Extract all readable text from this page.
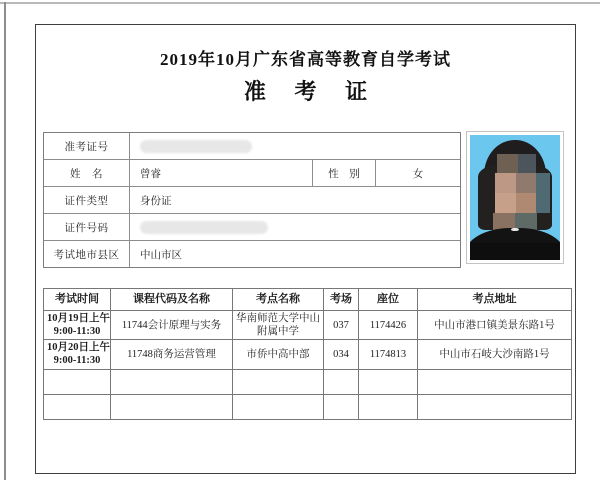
2019年10月广东省高等教育自学考试
准考证
准考证号
姓　名	曾睿	性　别	女
证件类型	身份证
证件号码
考试地市县区	中山市区
考试时间	课程代码及名称	考点名称	考场	座位	考点地址

10月19日上午
9:00-11:30	11744会计原理与实务	华南师范大学中山附属中学	037	1174426	中山市港口镇美景东路1号

10月20日上午
9:00-11:30	11748商务运营管理	市侨中高中部	034	1174813	中山市石岐大沙南路1号
